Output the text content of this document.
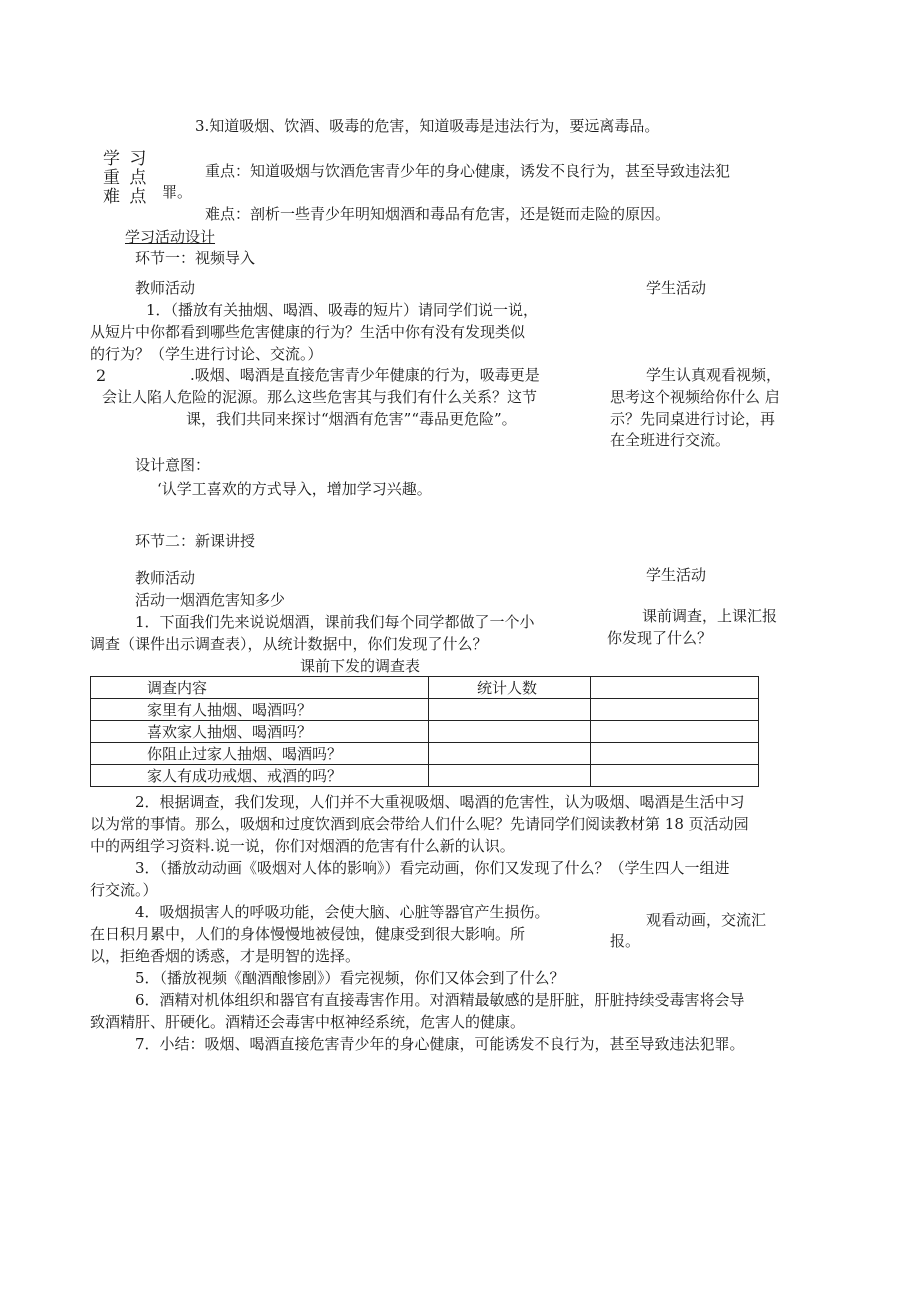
3.知道吸烟、饮酒、吸毒的危害，知道吸毒是违法行为，要远离毒品。
学 习
重 点
难 点
重点：知道吸烟与饮酒危害青少年的身心健康，诱发不良行为，甚至导致违法犯
罪。
难点：剖析一些青少年明知烟酒和毒品有危害，还是铤而走险的原因。
学习活动设计
环节一：视频导入
教师活动	学生活动
1．（播放有关抽烟、喝酒、吸毒的短片）请同学们说一说，
从短片中你都看到哪些危害健康的行为？生活中你有没有发现类似
的行为？（学生进行讨论、交流。）
2	.吸烟、喝酒是直接危害青少年健康的行为，吸毒更是
会让人陷人危险的泥源。那么这些危害其与我们有什么关系？这节
课，我们共同来探讨“烟酒有危害”“毒品更危险”。
学生认真观看视频，
思考这个视频给你什么 启
示？先同桌进行讨论，再
在全班进行交流。
设计意图：
‘认学工喜欢的方式导入，增加学习兴趣。
环节二：新课讲授
教师活动	学生活动
活动一烟酒危害知多少
1．下面我们先来说说烟酒，课前我们每个同学都做了一个小
调查（课件出示调查表），从统计数据中，你们发现了什么？
课前调查，上课汇报
你发现了什么？
课前下发的调查表
调查内容	统计人数	
家里有人抽烟、喝酒吗？		
喜欢家人抽烟、喝酒吗？		
你阻止过家人抽烟、喝酒吗？		
家人有成功戒烟、戒酒的吗？		
2．根据调查，我们发现，人们并不大重视吸烟、喝酒的危害性，认为吸烟、喝酒是生活中习
以为常的事情。那么，吸烟和过度饮酒到底会带给人们什么呢？先请同学们阅读教材第 18 页活动园
中的两组学习资料.说一说，你们对烟酒的危害有什么新的认识。
3．（播放动动画《吸烟对人体的影响》）看完动画，你们又发现了什么？（学生四人一组进
行交流。）
4．吸烟损害人的呼吸功能，会使大脑、心脏等器官产生损伤。
在日积月累中，人们的身体慢慢地被侵蚀，健康受到很大影响。所
以，拒绝香烟的诱惑，才是明智的选择。
观看动画，交流汇
报。
5．（播放视频《酗酒酿惨剧》）看完视频，你们又体会到了什么？
6．酒精对机体组织和器官有直接毒害作用。对酒精最敏感的是肝脏，肝脏持续受毒害将会导
致酒精肝、肝硬化。酒精还会毒害中枢神经系统，危害人的健康。
7．小结：吸烟、喝酒直接危害青少年的身心健康，可能诱发不良行为，甚至导致违法犯罪。
